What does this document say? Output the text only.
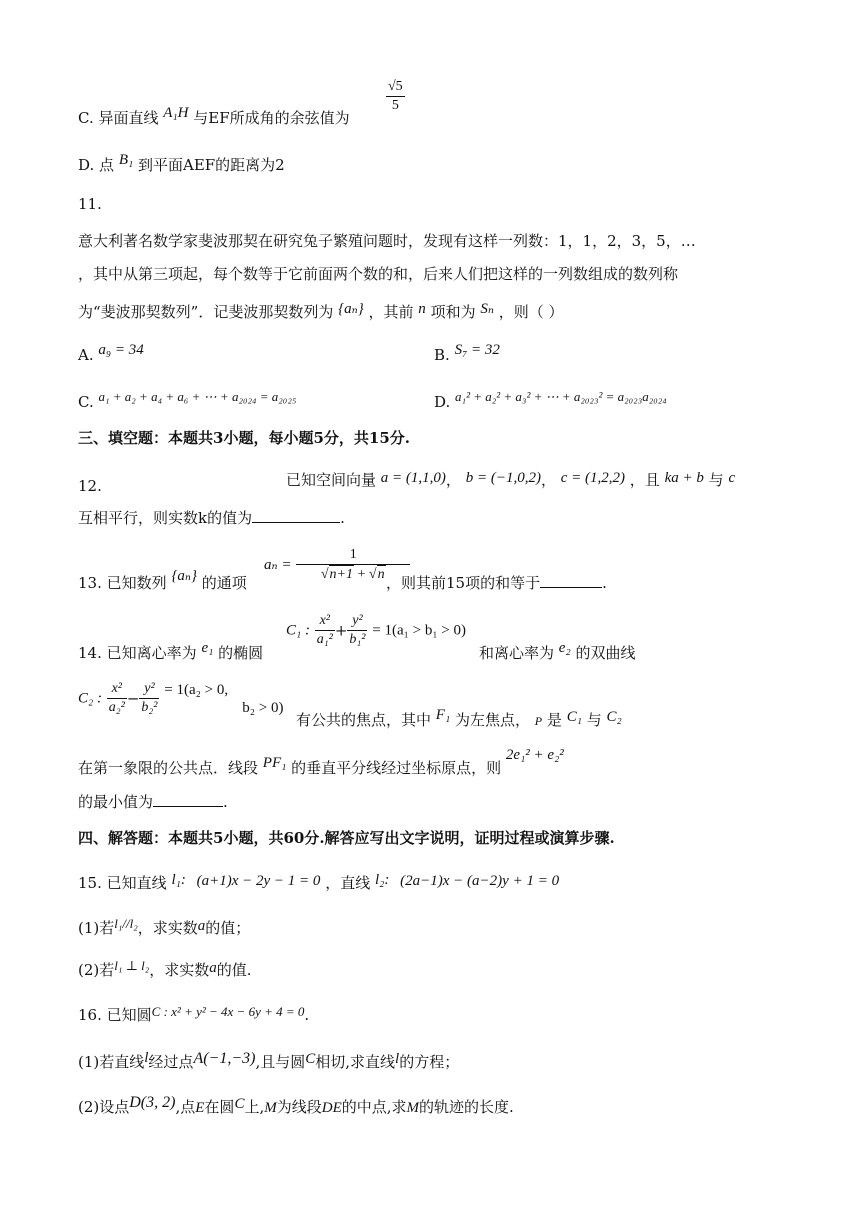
C. 异面直线 A₁H 与EF所成角的余弦值为
$\frac{√5}{5}$
D. 点 B₁ 到平面AEF的距离为2
11.
意大利著名数学家斐波那契在研究兔子繁殖问题时，发现有这样一列数：1，1，2，3，5，…
，其中从第三项起，每个数等于它前面两个数的和，后来人们把这样的一列数组成的数列称
为“斐波那契数列”．记斐波那契数列为 {aₙ} ，其前 n 项和为 Sₙ ，则（ ）
A. a₉ = 34	B. S₇ = 32
C. a₁ + a₂ + a₄ + a₆ + ⋯ + a₂₀₂₄ = a₂₀₂₅	D. a₁² + a₂² + a₃² + ⋯ + a₂₀₂₃² = a₂₀₂₃a₂₀₂₄
三、填空题：本题共3小题，每小题5分，共15分.
12.	已知空间向量 a = (1,1,0)， b = (−1,0,2)， c = (1,2,2) ，且 ka + b 与 c
互相平行，则实数k的值为	.
13. 已知数列 {aₙ} 的通项
$a_n = \frac{1}{√n+1 + √n}$
，则其前15项的和等于	.
14. 已知离心率为 e₁ 的椭圆
C₁ : $\frac{\text{x²}}{\text{a₁²}} + \frac{\text{y²}}{\text{b₁²}} = 1(a_1 > b_1 > 0)$
和离心率为 e₂ 的双曲线
C₂ : $\frac{\text{x²}}{\text{a₂²}} - \frac{\text{y²}}{\text{b₂²}} = 1(a_2 > 0$,
b₂ > 0)
有公共的焦点，其中 F₁ 为左焦点， P 是 C₁ 与 C₂
在第一象限的公共点．线段 PF₁ 的垂直平分线经过坐标原点，则 2e₁² + e₂²
的最小值为	.
四、解答题：本题共5小题，共60分.解答应写出文字说明，证明过程或演算步骤.
15. 已知直线 l₁: (a+1)x − 2y − 1 = 0 ，直线 l₂: (2a−1)x − (a−2)y + 1 = 0
(1)若l₁//l₂，求实数a的值；
(2)若l₁ ⊥ l₂，求实数a的值.
16. 已知圆C : x² + y² − 4x − 6y + 4 = 0.
(1)若直线l经过点A(−1,−3),且与圆C相切,求直线l的方程；
(2)设点D(3, 2),点E在圆C上,M为线段DE的中点,求M的轨迹的长度.
